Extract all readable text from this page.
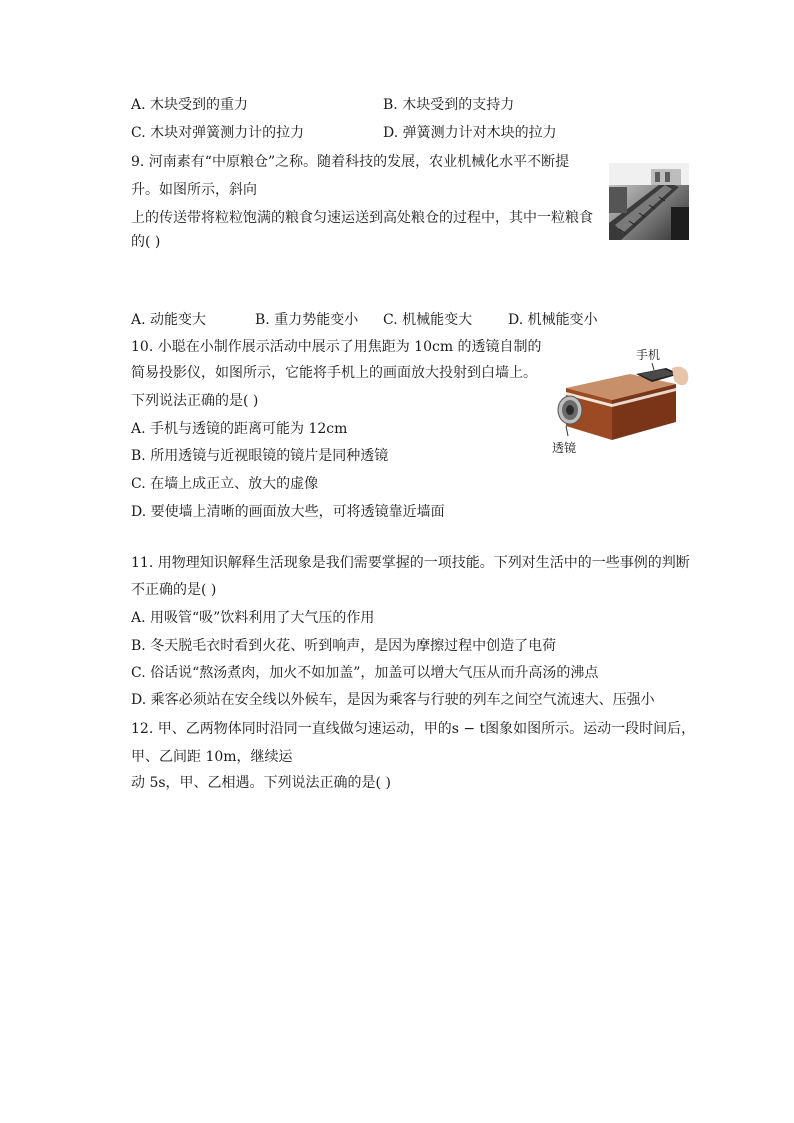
A. 木块受到的重力	B. 木块受到的支持力
C. 木块对弹簧测力计的拉力	D. 弹簧测力计对木块的拉力
9. 河南素有“中原粮仓”之称。随着科技的发展，农业机械化水平不断提
升。如图所示，斜向
上的传送带将粒粒饱满的粮食匀速运送到高处粮仓的过程中，其中一粒粮食
的( )
A. 动能变大	B. 重力势能变小 C. 机械能变大	D. 机械能变小
10. 小聪在小制作展示活动中展示了用焦距为 10cm 的透镜自制的
简易投影仪，如图所示，它能将手机上的画面放大投射到白墙上。
下列说法正确的是( )
A. 手机与透镜的距离可能为 12cm
B. 所用透镜与近视眼镜的镜片是同种透镜
C. 在墙上成正立、放大的虚像
D. 要使墙上清晰的画面放大些，可将透镜靠近墙面
手机
透镜
11. 用物理知识解释生活现象是我们需要掌握的一项技能。下列对生活中的一些事例的判断
不正确的是( )
A. 用吸管“吸”饮料利用了大气压的作用
B. 冬天脱毛衣时看到火花、听到响声，是因为摩擦过程中创造了电荷
C. 俗话说“熬汤煮肉，加火不如加盖”，加盖可以增大气压从而升高汤的沸点
D. 乘客必须站在安全线以外候车，是因为乘客与行驶的列车之间空气流速大、压强小
12. 甲、乙两物体同时沿同一直线做匀速运动，甲的s − t图象如图所示。运动一段时间后，
甲、乙间距 10m，继续运
动 5s，甲、乙相遇。下列说法正确的是( )
